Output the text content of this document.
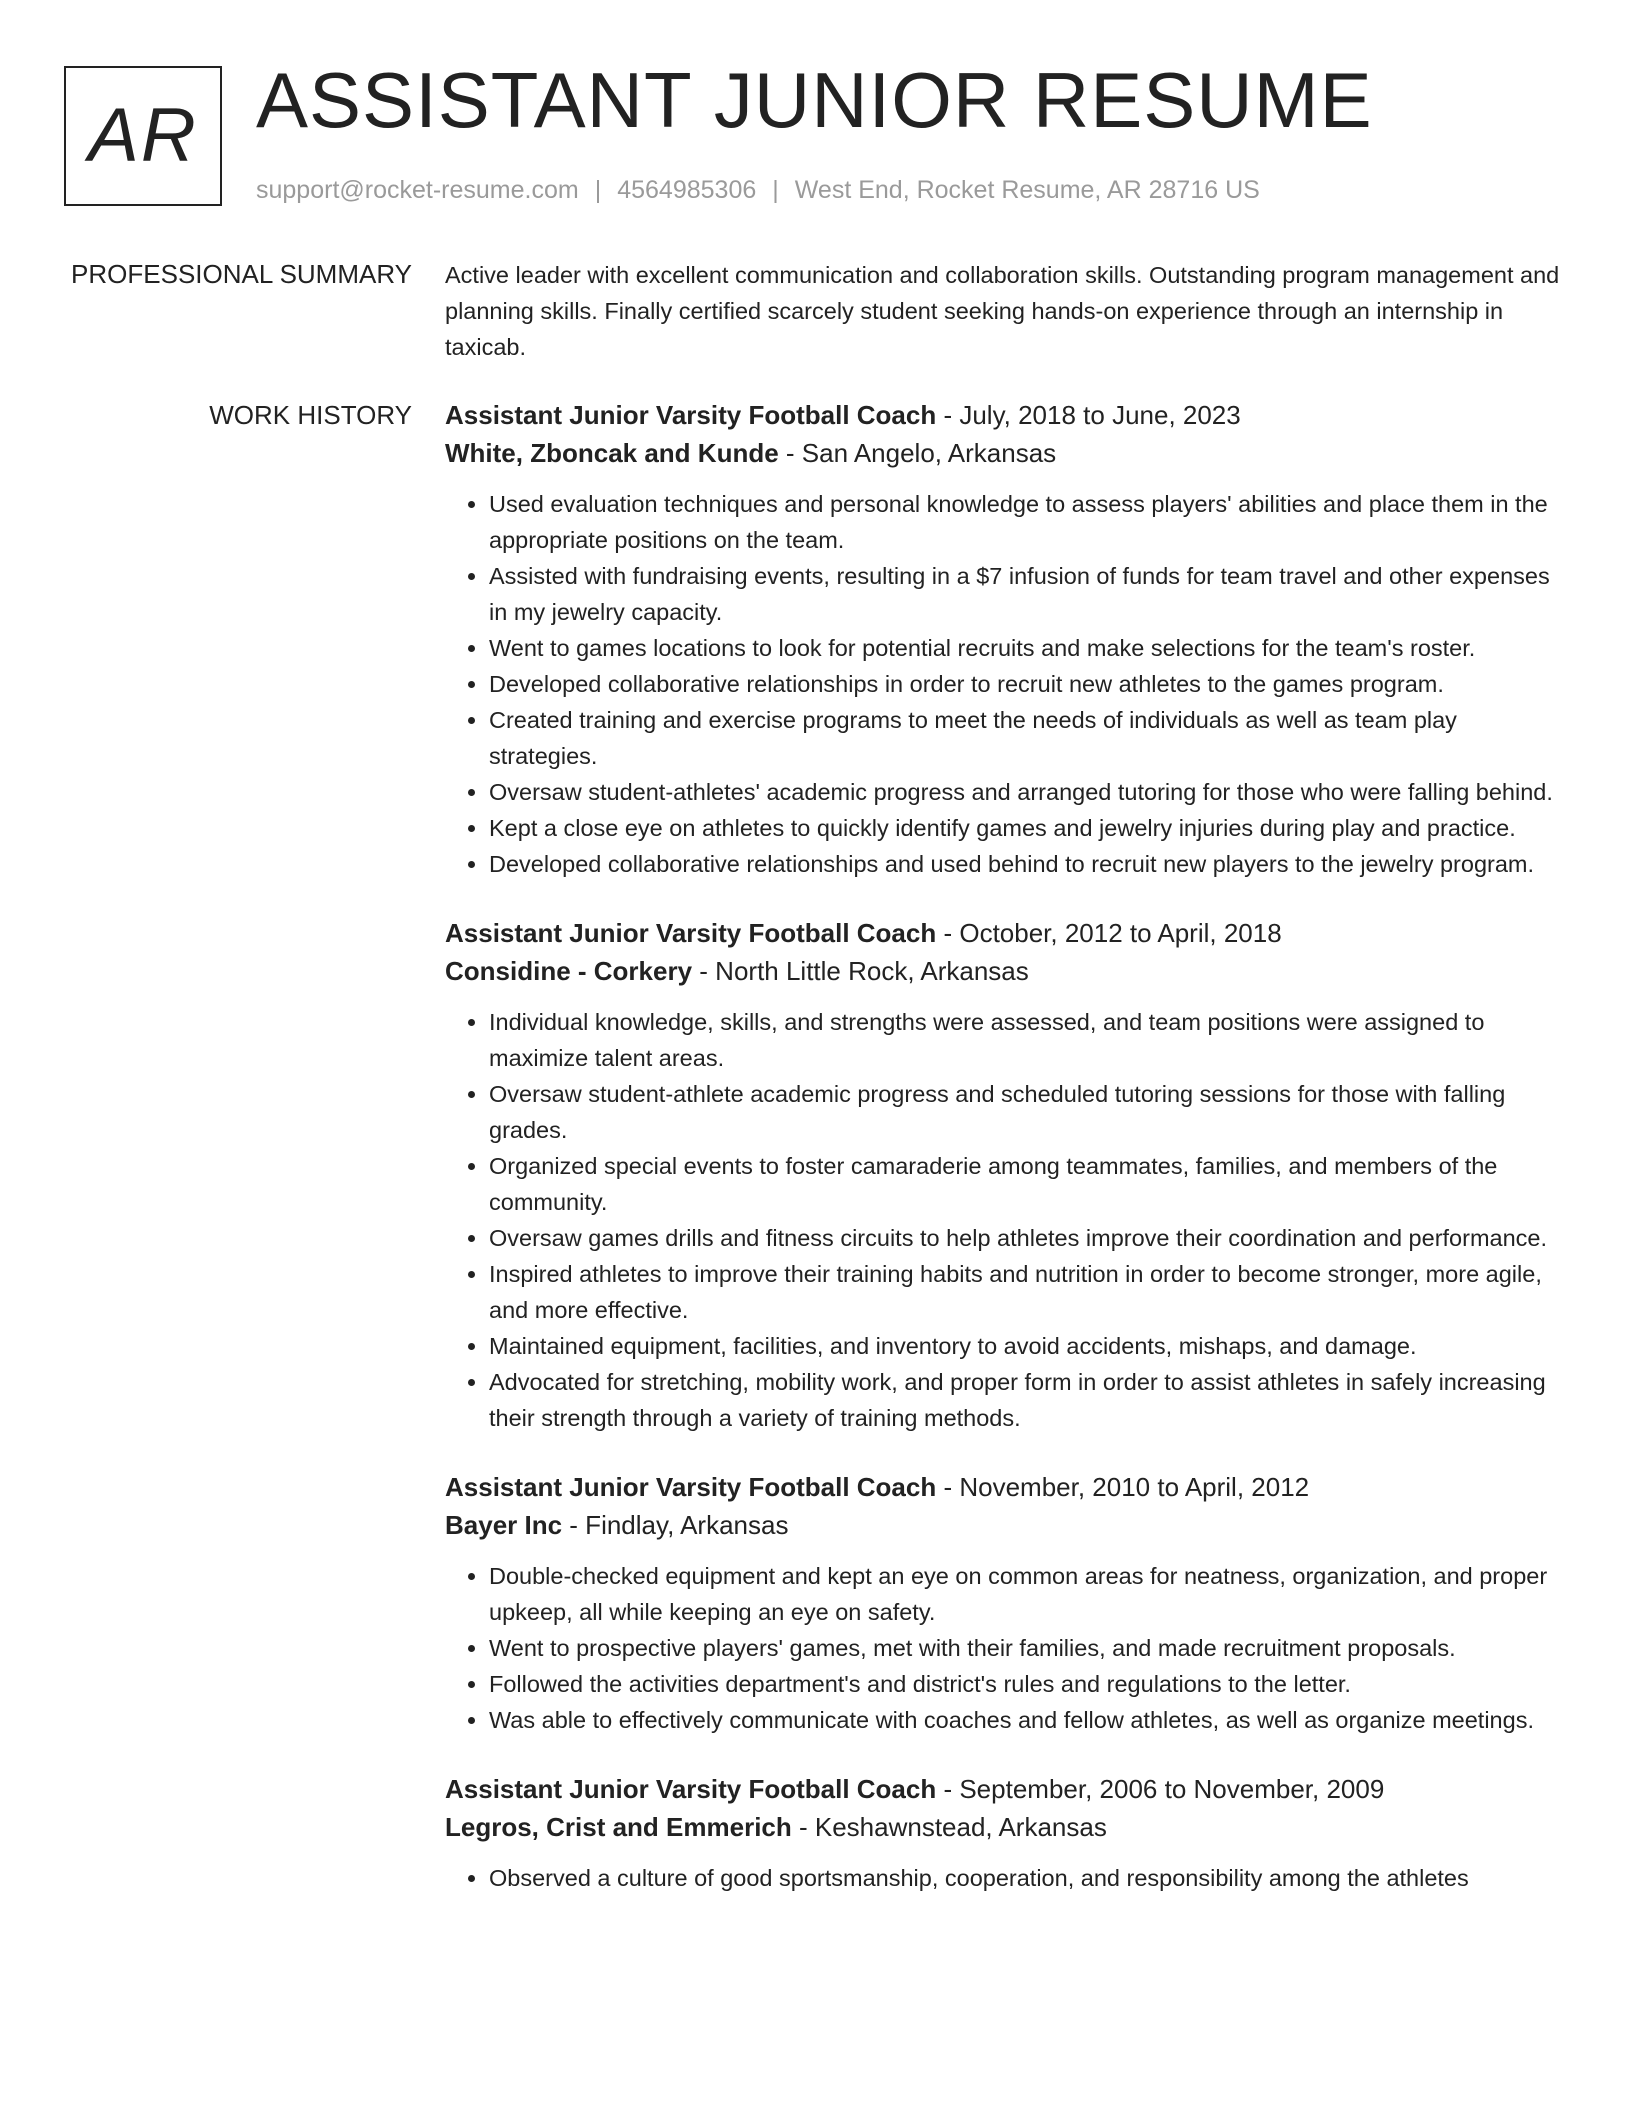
AR ASSISTANT JUNIOR RESUME
support@rocket-resume.com | 4564985306 | West End, Rocket Resume, AR 28716 US
PROFESSIONAL SUMMARY Active leader with excellent communication and collaboration skills. Outstanding program management and planning skills. Finally certified scarcely student seeking hands-on experience through an internship in taxicab.

WORK HISTORY Assistant Junior Varsity Football Coach - July, 2018 to June, 2023
White, Zboncak and Kunde - San Angelo, Arkansas
• Used evaluation techniques and personal knowledge to assess players' abilities and place them in the appropriate positions on the team.
• Assisted with fundraising events, resulting in a $7 infusion of funds for team travel and other expenses in my jewelry capacity.
• Went to games locations to look for potential recruits and make selections for the team's roster.
• Developed collaborative relationships in order to recruit new athletes to the games program.
• Created training and exercise programs to meet the needs of individuals as well as team play strategies.
• Oversaw student-athletes' academic progress and arranged tutoring for those who were falling behind.
• Kept a close eye on athletes to quickly identify games and jewelry injuries during play and practice.
• Developed collaborative relationships and used behind to recruit new players to the jewelry program.
Assistant Junior Varsity Football Coach - October, 2012 to April, 2018
Considine - Corkery - North Little Rock, Arkansas
• Individual knowledge, skills, and strengths were assessed, and team positions were assigned to maximize talent areas.
• Oversaw student-athlete academic progress and scheduled tutoring sessions for those with falling grades.
• Organized special events to foster camaraderie among teammates, families, and members of the community.
• Oversaw games drills and fitness circuits to help athletes improve their coordination and performance.
• Inspired athletes to improve their training habits and nutrition in order to become stronger, more agile, and more effective.
• Maintained equipment, facilities, and inventory to avoid accidents, mishaps, and damage.
• Advocated for stretching, mobility work, and proper form in order to assist athletes in safely increasing their strength through a variety of training methods.
Assistant Junior Varsity Football Coach - November, 2010 to April, 2012
Bayer Inc - Findlay, Arkansas
• Double-checked equipment and kept an eye on common areas for neatness, organization, and proper upkeep, all while keeping an eye on safety.
• Went to prospective players' games, met with their families, and made recruitment proposals.
• Followed the activities department's and district's rules and regulations to the letter.
• Was able to effectively communicate with coaches and fellow athletes, as well as organize meetings.
Assistant Junior Varsity Football Coach - September, 2006 to November, 2009
Legros, Crist and Emmerich - Keshawnstead, Arkansas
• Observed a culture of good sportsmanship, cooperation, and responsibility among the athletes
